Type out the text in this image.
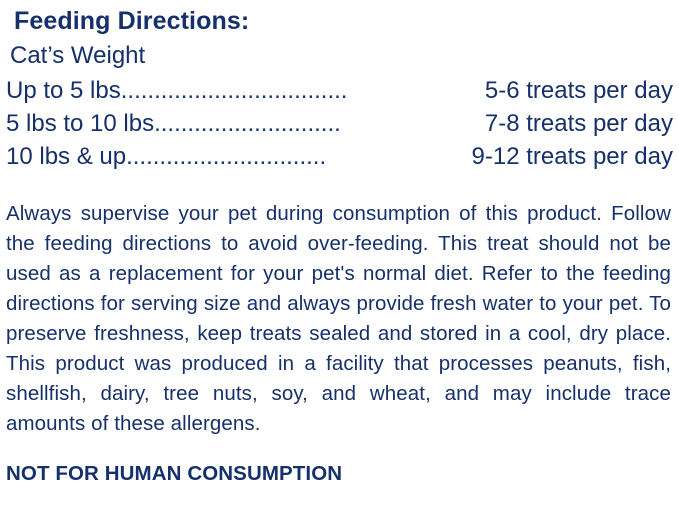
Feeding Directions:
Cat’s Weight
Up to 5 lbs ..................................	5-6 treats per day
5 lbs to 10 lbs ............................	7-8 treats per day
10 lbs & up ..............................	9-12 treats per day

Always supervise your pet during consumption of this product. Follow the feeding directions to avoid over-feeding. This treat should not be used as a replacement for your pet's normal diet. Refer to the feeding directions for serving size and always provide fresh water to your pet. To preserve freshness, keep treats sealed and stored in a cool, dry place. This product was produced in a facility that processes peanuts, fish, shellfish, dairy, tree nuts, soy, and wheat, and may include trace amounts of these allergens.

NOT FOR HUMAN CONSUMPTION
